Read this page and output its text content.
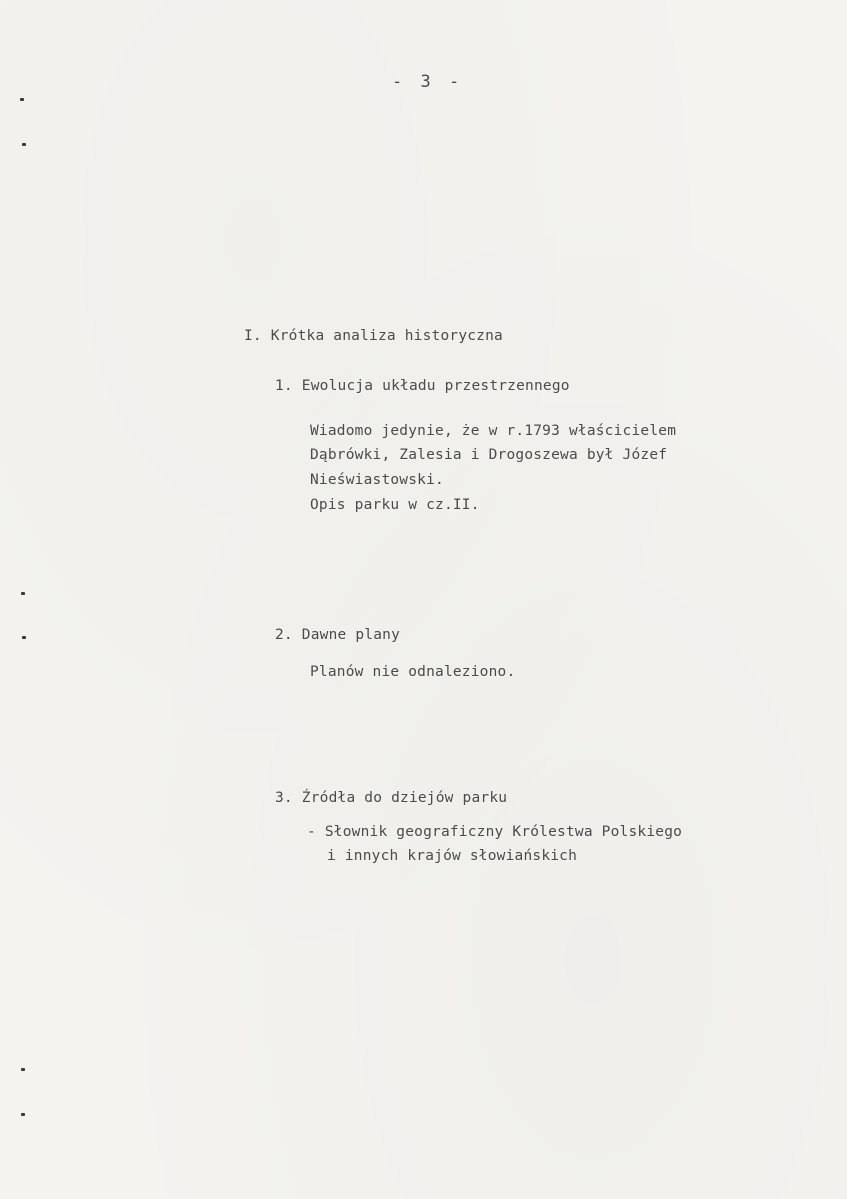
- 3 -
I. Krótka analiza historyczna
1. Ewolucja układu przestrzennego
Wiadomo jedynie, że w r.1793 właścicielem
Dąbrówki, Zalesia i Drogoszewa był Józef
Nieświastowski.
Opis parku w cz.II.
2. Dawne plany
Planów nie odnaleziono.
3. Źródła do dziejów parku
- Słownik geograficzny Królestwa Polskiego
i innych krajów słowiańskich
